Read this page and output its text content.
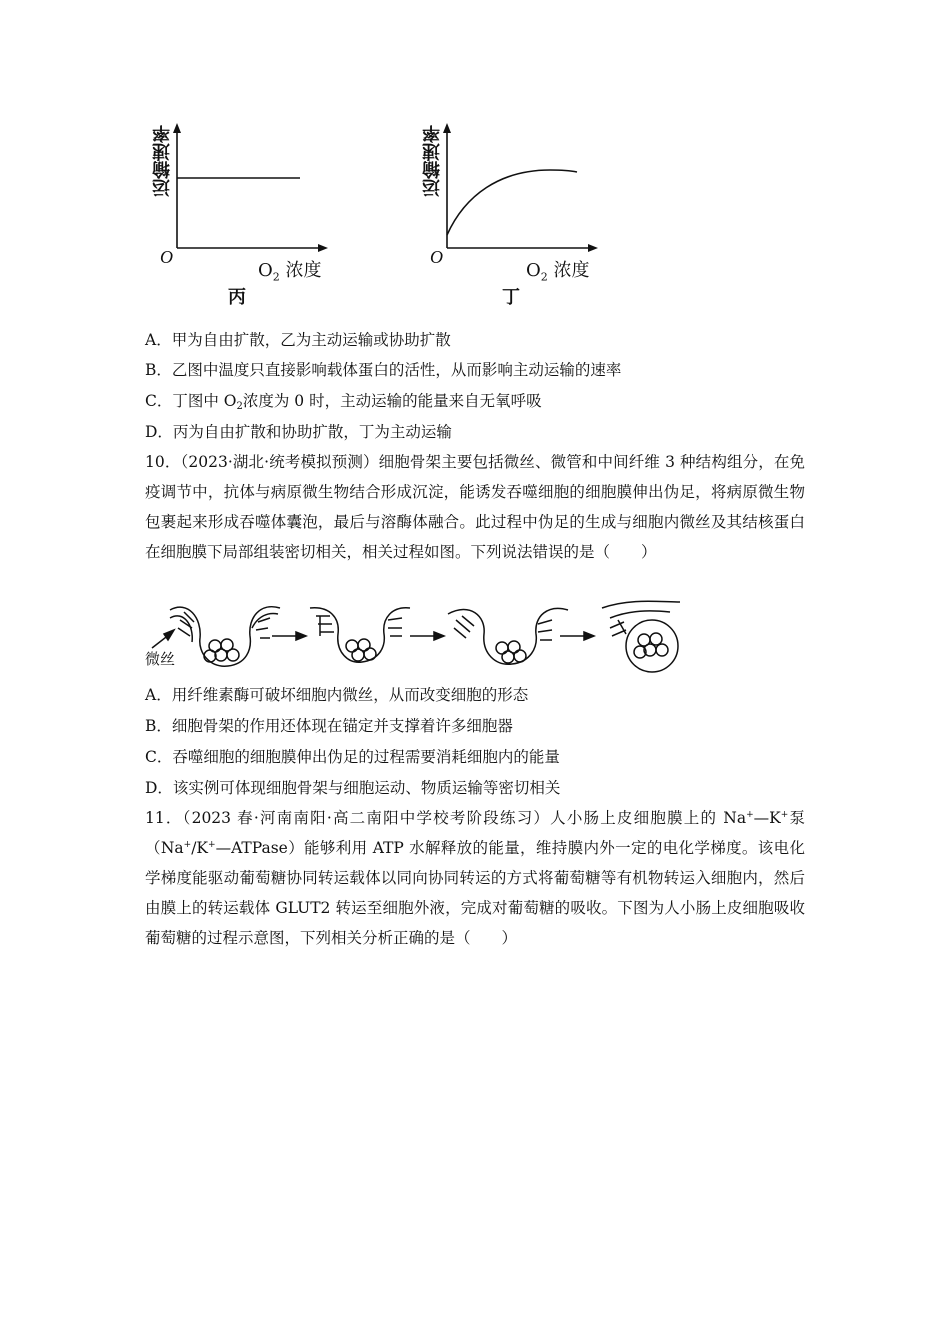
运输速率
O
$O_2$ 浓度
丙
运输速率
O
$O_2$ 浓度
丁
A．甲为自由扩散，乙为主动运输或协助扩散
B．乙图中温度只直接影响载体蛋白的活性，从而影响主动运输的速率
C．丁图中 O2浓度为 0 时，主动运输的能量来自无氧呼吸
D．丙为自由扩散和协助扩散，丁为主动运输
10．（2023·湖北·统考模拟预测）细胞骨架主要包括微丝、微管和中间纤维 3 种结构组分，在免疫调节中，抗体与病原微生物结合形成沉淀，能诱发吞噬细胞的细胞膜伸出伪足，将病原微生物包裹起来形成吞噬体囊泡，最后与溶酶体融合。此过程中伪足的生成与细胞内微丝及其结核蛋白在细胞膜下局部组装密切相关，相关过程如图。下列说法错误的是（　　）
微丝
A．用纤维素酶可破坏细胞内微丝，从而改变细胞的形态
B．细胞骨架的作用还体现在锚定并支撑着许多细胞器
C．吞噬细胞的细胞膜伸出伪足的过程需要消耗细胞内的能量
D．该实例可体现细胞骨架与细胞运动、物质运输等密切相关
11．（2023 春·河南南阳·高二南阳中学校考阶段练习）人小肠上皮细胞膜上的 Na+—K+泵（Na+/K+—ATPase）能够利用 ATP 水解释放的能量，维持膜内外一定的电化学梯度。该电化学梯度能驱动葡萄糖协同转运载体以同向协同转运的方式将葡萄糖等有机物转运入细胞内，然后由膜上的转运载体 GLUT2 转运至细胞外液，完成对葡萄糖的吸收。下图为人小肠上皮细胞吸收葡萄糖的过程示意图，下列相关分析正确的是（　　）
